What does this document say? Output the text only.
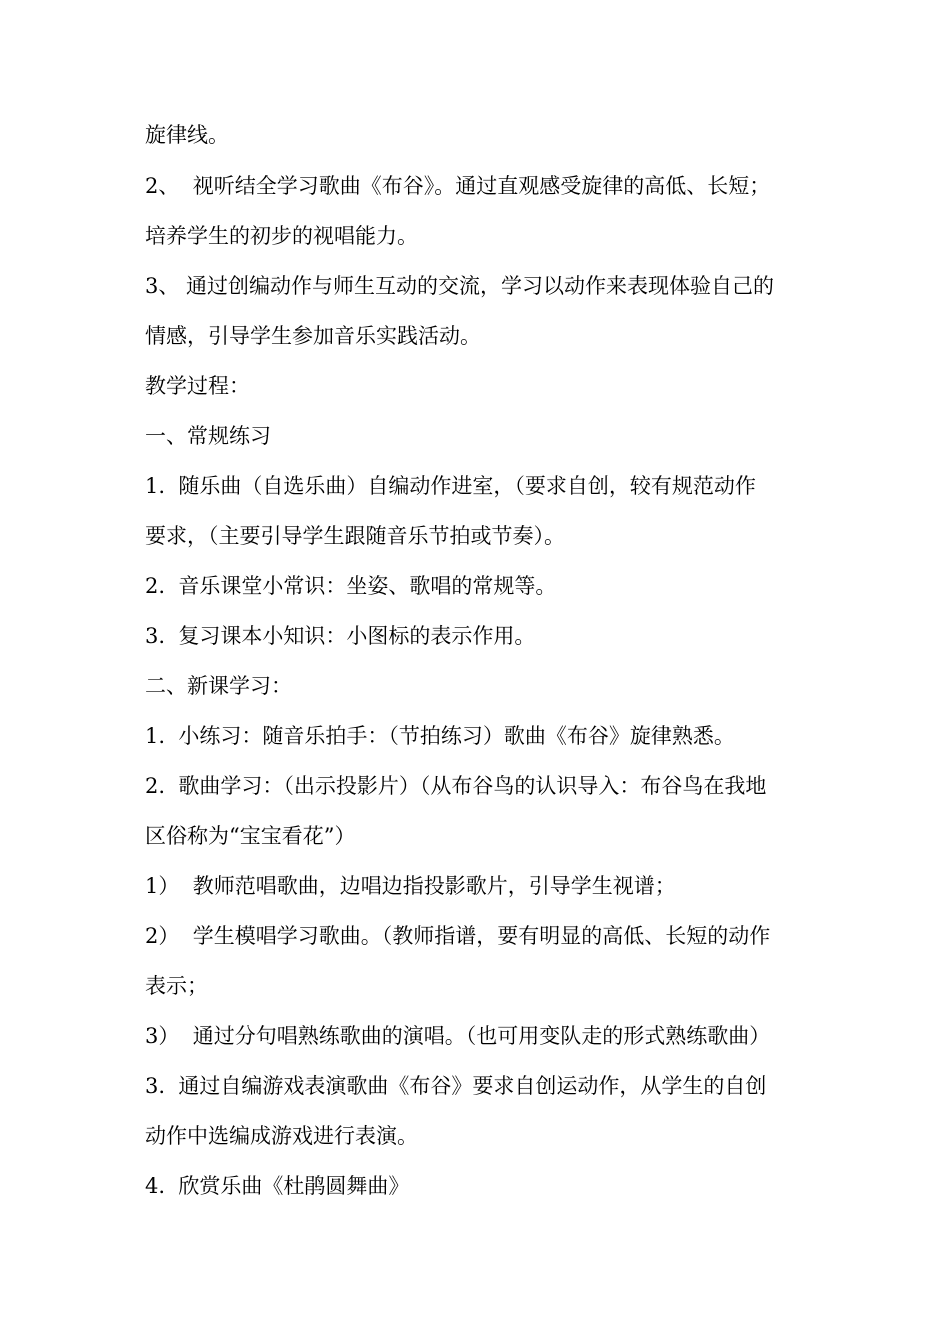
旋律线。
2、  视听结全学习歌曲《布谷》。通过直观感受旋律的高低、长短；
培养学生的初步的视唱能力。
3、 通过创编动作与师生互动的交流，学习以动作来表现体验自己的
情感，引导学生参加音乐实践活动。
教学过程：
一、常规练习
1.  随乐曲（自选乐曲）自编动作进室，（要求自创，较有规范动作
要求，（主要引导学生跟随音乐节拍或节奏）。
2.  音乐课堂小常识：坐姿、歌唱的常规等。
3.  复习课本小知识：小图标的表示作用。
二、新课学习：
1.  小练习：随音乐拍手：（节拍练习）歌曲《布谷》旋律熟悉。
2.  歌曲学习：（出示投影片）（从布谷鸟的认识导入：布谷鸟在我地
区俗称为“宝宝看花”）
1）  教师范唱歌曲，边唱边指投影歌片，引导学生视谱；
2）  学生模唱学习歌曲。（教师指谱，要有明显的高低、长短的动作
表示；
3）  通过分句唱熟练歌曲的演唱。（也可用变队走的形式熟练歌曲）
3.  通过自编游戏表演歌曲《布谷》要求自创运动作，从学生的自创
动作中选编成游戏进行表演。
4.  欣赏乐曲《杜鹃圆舞曲》
